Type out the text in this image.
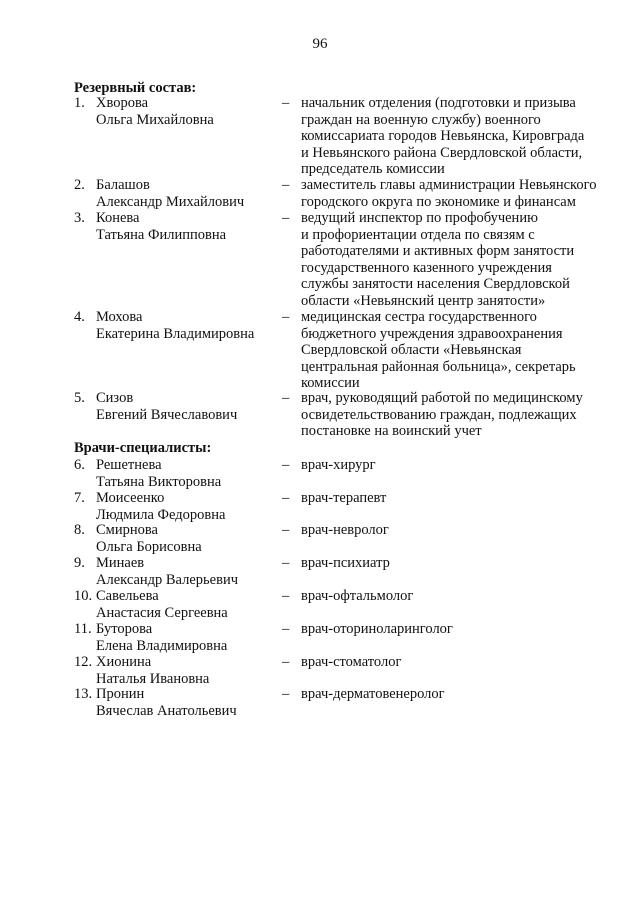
96
Резервный состав:
1. Хворова
Ольга Михайловна
– начальник отделения (подготовки и призыва
граждан на военную службу) военного
комиссариата городов Невьянска, Кировграда
и Невьянского района Свердловской области,
председатель комиссии
2. Балашов
Александр Михайлович
– заместитель главы администрации Невьянского
городского округа по экономике и финансам
3. Конева
Татьяна Филипповна
– ведущий инспектор по профобучению
и профориентации отдела по связям с
работодателями и активных форм занятости
государственного казенного учреждения
службы занятости населения Свердловской
области «Невьянский центр занятости»
4. Мохова
Екатерина Владимировна
– медицинская сестра государственного
бюджетного учреждения здравоохранения
Свердловской области «Невьянская
центральная районная больница», секретарь
комиссии
5. Сизов
Евгений Вячеславович
– врач, руководящий работой по медицинскому
освидетельствованию граждан, подлежащих
постановке на воинский учет
Врачи-специалисты:
6. Решетнева
Татьяна Викторовна
– врач-хирург
7. Моисеенко
Людмила Федоровна
– врач-терапевт
8. Смирнова
Ольга Борисовна
– врач-невролог
9. Минаев
Александр Валерьевич
– врач-психиатр
10. Савельева
Анастасия Сергеевна
– врач-офтальмолог
11. Буторова
Елена Владимировна
– врач-оториноларинголог
12. Хионина
Наталья Ивановна
– врач-стоматолог
13. Пронин
Вячеслав Анатольевич
– врач-дерматовенеролог
